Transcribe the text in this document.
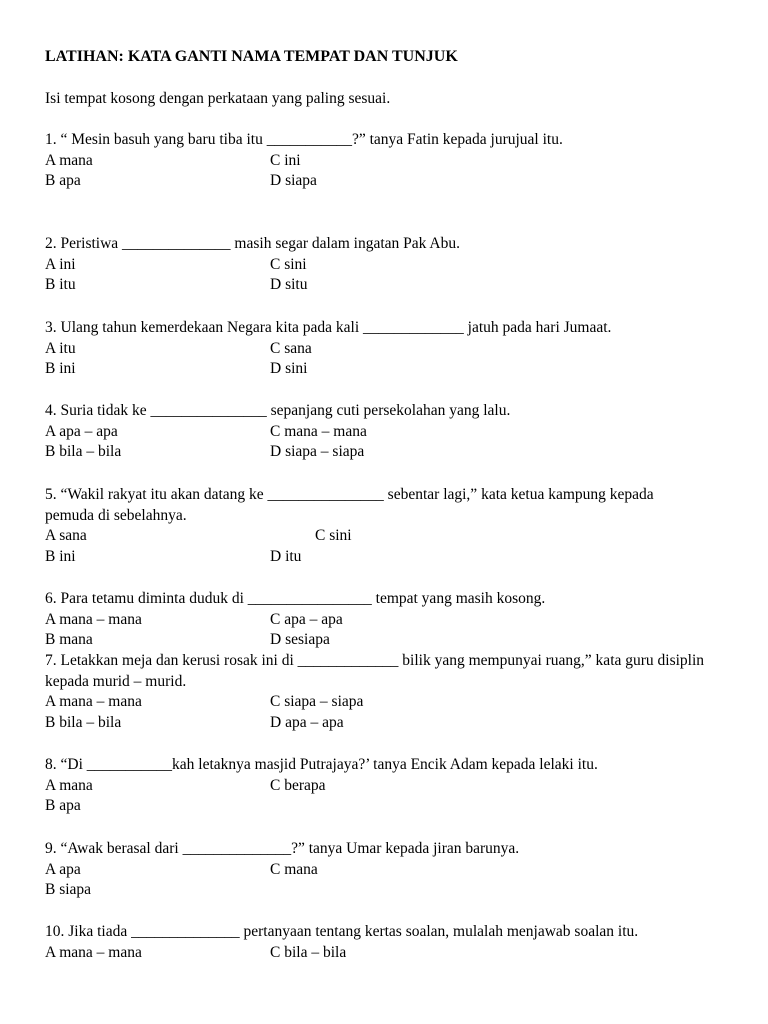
LATIHAN: KATA GANTI NAMA TEMPAT DAN TUNJUK
Isi tempat kosong dengan perkataan yang paling sesuai.
1. “ Mesin basuh yang baru tiba itu ___________?” tanya Fatin kepada jurujual itu.
A mana	C ini
B apa	D siapa
2. Peristiwa ______________ masih segar dalam ingatan Pak Abu.
A ini	C sini
B itu	D situ
3. Ulang tahun kemerdekaan Negara kita pada kali _____________ jatuh pada hari Jumaat.
A itu	C sana
B ini	D sini
4. Suria tidak ke _______________ sepanjang cuti persekolahan yang lalu.
A apa – apa	C mana – mana
B bila – bila	D siapa – siapa
5. “Wakil rakyat itu akan datang ke _______________ sebentar lagi,” kata ketua kampung kepada pemuda di sebelahnya.
A sana	C sini
B ini	D itu
6. Para tetamu diminta duduk di ________________ tempat yang masih kosong.
A mana – mana	C apa – apa
B mana	D sesiapa
7. Letakkan meja dan kerusi rosak ini di _____________ bilik yang mempunyai ruang,” kata guru disiplin kepada murid – murid.
A mana – mana	C siapa – siapa
B bila – bila	D apa – apa
8. “Di ___________kah letaknya masjid Putrajaya?’ tanya Encik Adam kepada lelaki itu.
A mana	C berapa
B apa
9. “Awak berasal dari ______________?” tanya Umar kepada jiran barunya.
A apa	C mana
B siapa
10. Jika tiada ______________ pertanyaan tentang kertas soalan, mulalah menjawab soalan itu.
A mana – mana	C bila – bila
